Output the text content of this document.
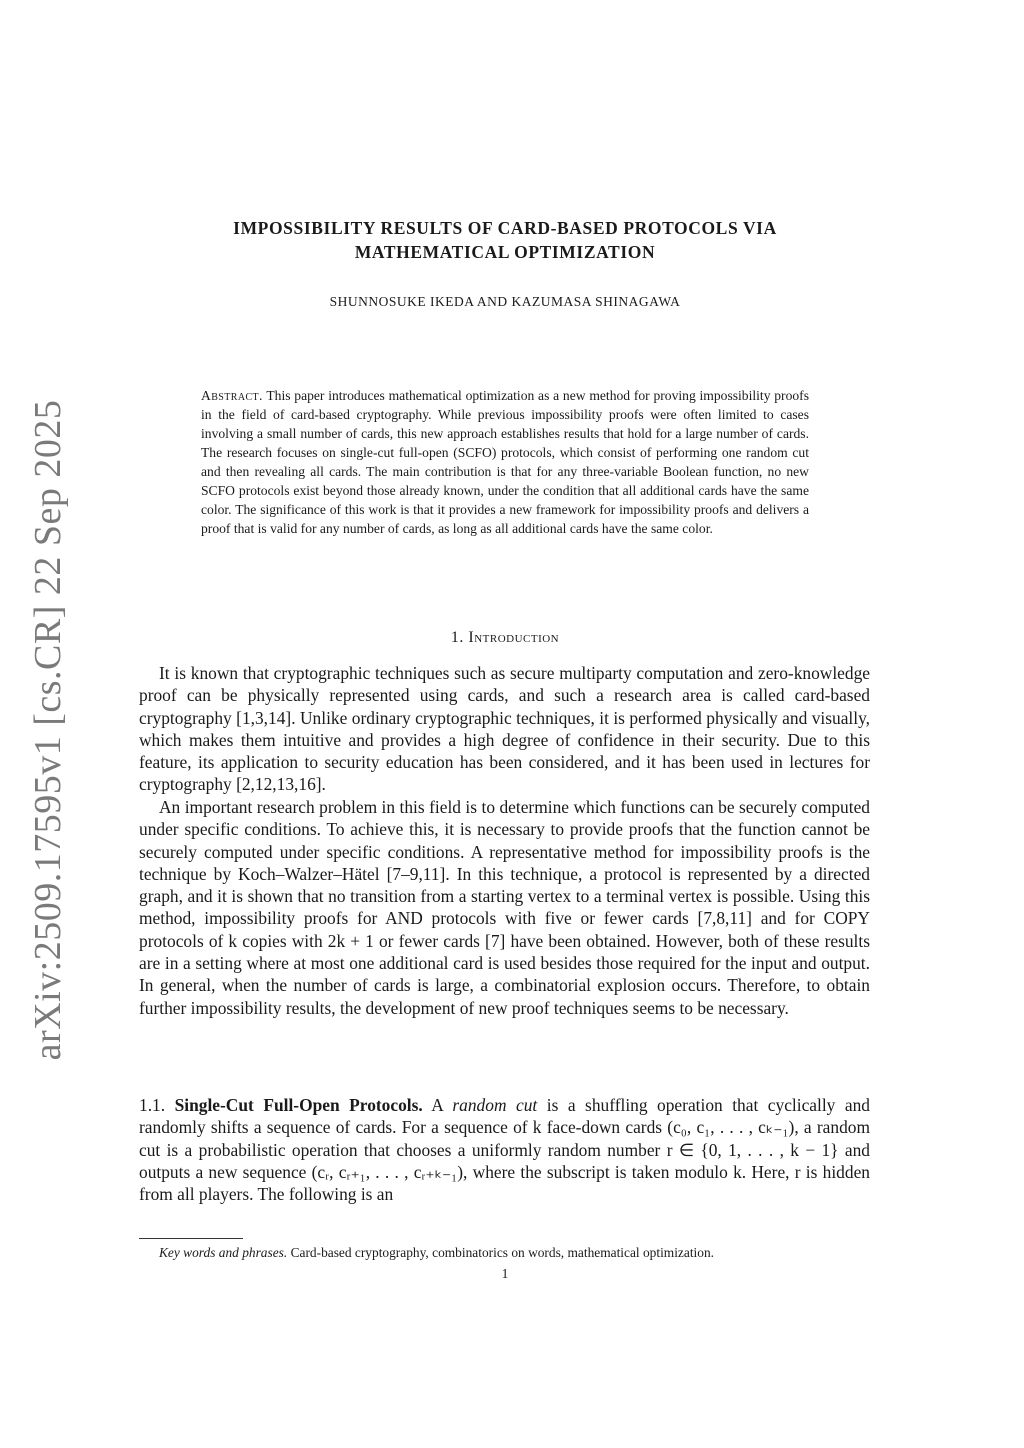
arXiv:2509.17595v1 [cs.CR] 22 Sep 2025
IMPOSSIBILITY RESULTS OF CARD-BASED PROTOCOLS VIA
MATHEMATICAL OPTIMIZATION
SHUNNOSUKE IKEDA AND KAZUMASA SHINAGAWA
Abstract. This paper introduces mathematical optimization as a new method for proving impossibility proofs in the field of card-based cryptography. While previous impossibility proofs were often limited to cases involving a small number of cards, this new approach establishes results that hold for a large number of cards. The research focuses on single-cut full-open (SCFO) protocols, which consist of performing one random cut and then revealing all cards. The main contribution is that for any three-variable Boolean function, no new SCFO protocols exist beyond those already known, under the condition that all additional cards have the same color. The significance of this work is that it provides a new framework for impossibility proofs and delivers a proof that is valid for any number of cards, as long as all additional cards have the same color.
1. Introduction

It is known that cryptographic techniques such as secure multiparty computation and zero-knowledge proof can be physically represented using cards, and such a research area is called card-based cryptography [1,3,14]. Unlike ordinary cryptographic techniques, it is performed physically and visually, which makes them intuitive and provides a high degree of confidence in their security. Due to this feature, its application to security education has been considered, and it has been used in lectures for cryptography [2,12,13,16].

An important research problem in this field is to determine which functions can be securely computed under specific conditions. To achieve this, it is necessary to provide proofs that the function cannot be securely computed under specific conditions. A representative method for impossibility proofs is the technique by Koch–Walzer–Hätel [7–9,11]. In this technique, a protocol is represented by a directed graph, and it is shown that no transition from a starting vertex to a terminal vertex is possible. Using this method, impossibility proofs for AND protocols with five or fewer cards [7,8,11] and for COPY protocols of k copies with 2k + 1 or fewer cards [7] have been obtained. However, both of these results are in a setting where at most one additional card is used besides those required for the input and output. In general, when the number of cards is large, a combinatorial explosion occurs. Therefore, to obtain further impossibility results, the development of new proof techniques seems to be necessary.

1.1. Single-Cut Full-Open Protocols. A random cut is a shuffling operation that cyclically and randomly shifts a sequence of cards. For a sequence of k face-down cards (c₀, c₁, . . . , cₖ₋₁), a random cut is a probabilistic operation that chooses a uniformly random number r ∈ {0, 1, . . . , k − 1} and outputs a new sequence (cᵣ, cᵣ₊₁, . . . , cᵣ₊ₖ₋₁), where the subscript is taken modulo k. Here, r is hidden from all players. The following is an

Key words and phrases. Card-based cryptography, combinatorics on words, mathematical optimization.
1
